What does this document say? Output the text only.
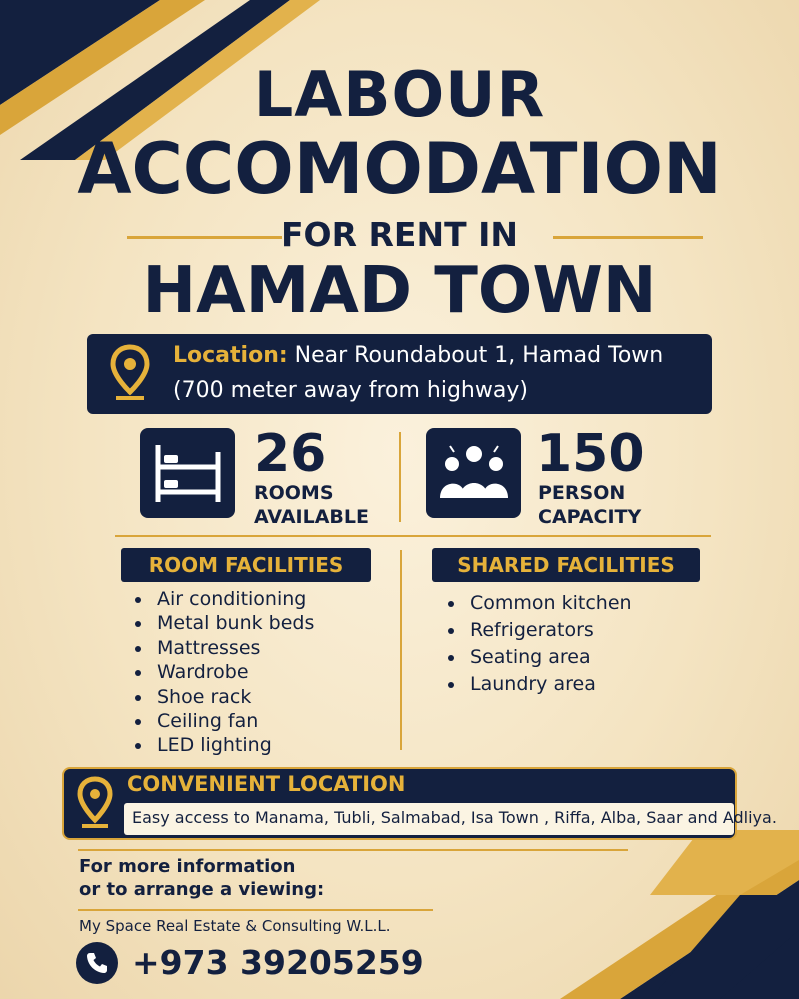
LABOUR
ACCOMODATION
FOR RENT IN
HAMAD TOWN
Location: Near Roundabout 1, Hamad Town
(700 meter away from highway)
26
ROOMS
AVAILABLE
150
PERSON
CAPACITY
ROOM FACILITIES
• Air conditioning
• Metal bunk beds
• Mattresses
• Wardrobe
• Shoe rack
• Ceiling fan
• LED lighting
SHARED FACILITIES
• Common kitchen
• Refrigerators
• Seating area
• Laundry area
CONVENIENT LOCATION
Easy access to Manama, Tubli, Salmabad, Isa Town , Riffa, Alba, Saar and Adliya.
For more information
or to arrange a viewing:
My Space Real Estate & Consulting W.L.L.
+973 39205259
